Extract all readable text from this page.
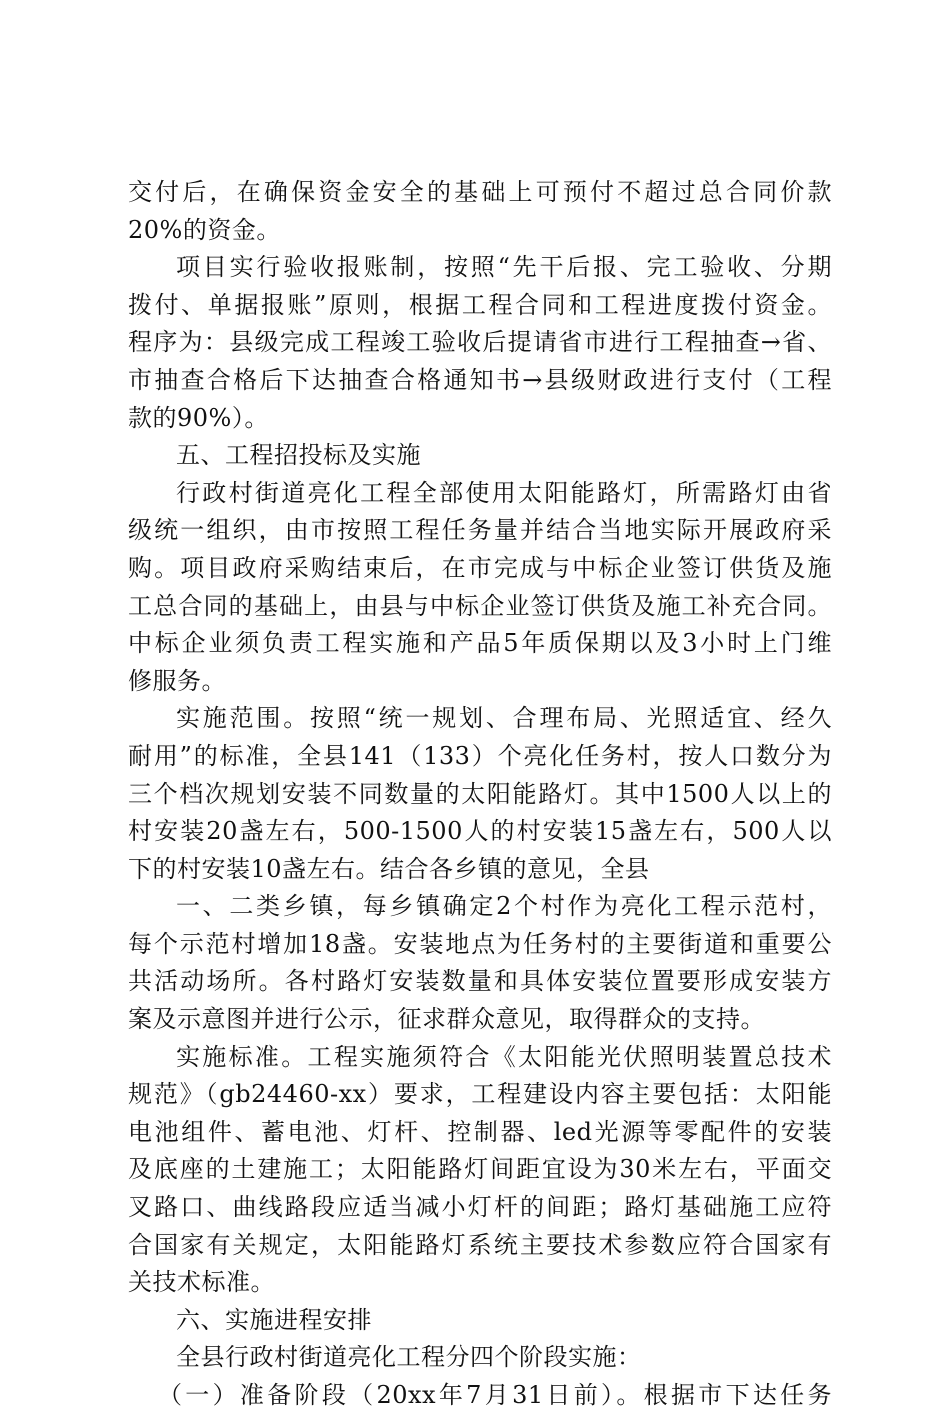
交付后，在确保资金安全的基础上可预付不超过总合同价款
20%的资金。
项目实行验收报账制，按照“先干后报、完工验收、分期
拨付、单据报账”原则，根据工程合同和工程进度拨付资金。
程序为：县级完成工程竣工验收后提请省市进行工程抽查→省、
市抽查合格后下达抽查合格通知书→县级财政进行支付（工程
款的90%）。
五、工程招投标及实施
行政村街道亮化工程全部使用太阳能路灯，所需路灯由省
级统一组织，由市按照工程任务量并结合当地实际开展政府采
购。项目政府采购结束后，在市完成与中标企业签订供货及施
工总合同的基础上，由县与中标企业签订供货及施工补充合同。
中标企业须负责工程实施和产品5年质保期以及3小时上门维
修服务。
实施范围。按照“统一规划、合理布局、光照适宜、经久
耐用”的标准，全县141（133）个亮化任务村，按人口数分为
三个档次规划安装不同数量的太阳能路灯。其中1500人以上的
村安装20盏左右，500-1500人的村安装15盏左右，500人以
下的村安装10盏左右。结合各乡镇的意见，全县
一、二类乡镇，每乡镇确定2个村作为亮化工程示范村，
每个示范村增加18盏。安装地点为任务村的主要街道和重要公
共活动场所。各村路灯安装数量和具体安装位置要形成安装方
案及示意图并进行公示，征求群众意见，取得群众的支持。
实施标准。工程实施须符合《太阳能光伏照明装置总技术
规范》（gb24460-xx）要求，工程建设内容主要包括：太阳能
电池组件、蓄电池、灯杆、控制器、led光源等零配件的安装
及底座的土建施工；太阳能路灯间距宜设为30米左右，平面交
叉路口、曲线路段应适当减小灯杆的间距；路灯基础施工应符
合国家有关规定，太阳能路灯系统主要技术参数应符合国家有
关技术标准。
六、实施进程安排
全县行政村街道亮化工程分四个阶段实施：
（一）准备阶段（20xx年7月31日前）。根据市下达任务
